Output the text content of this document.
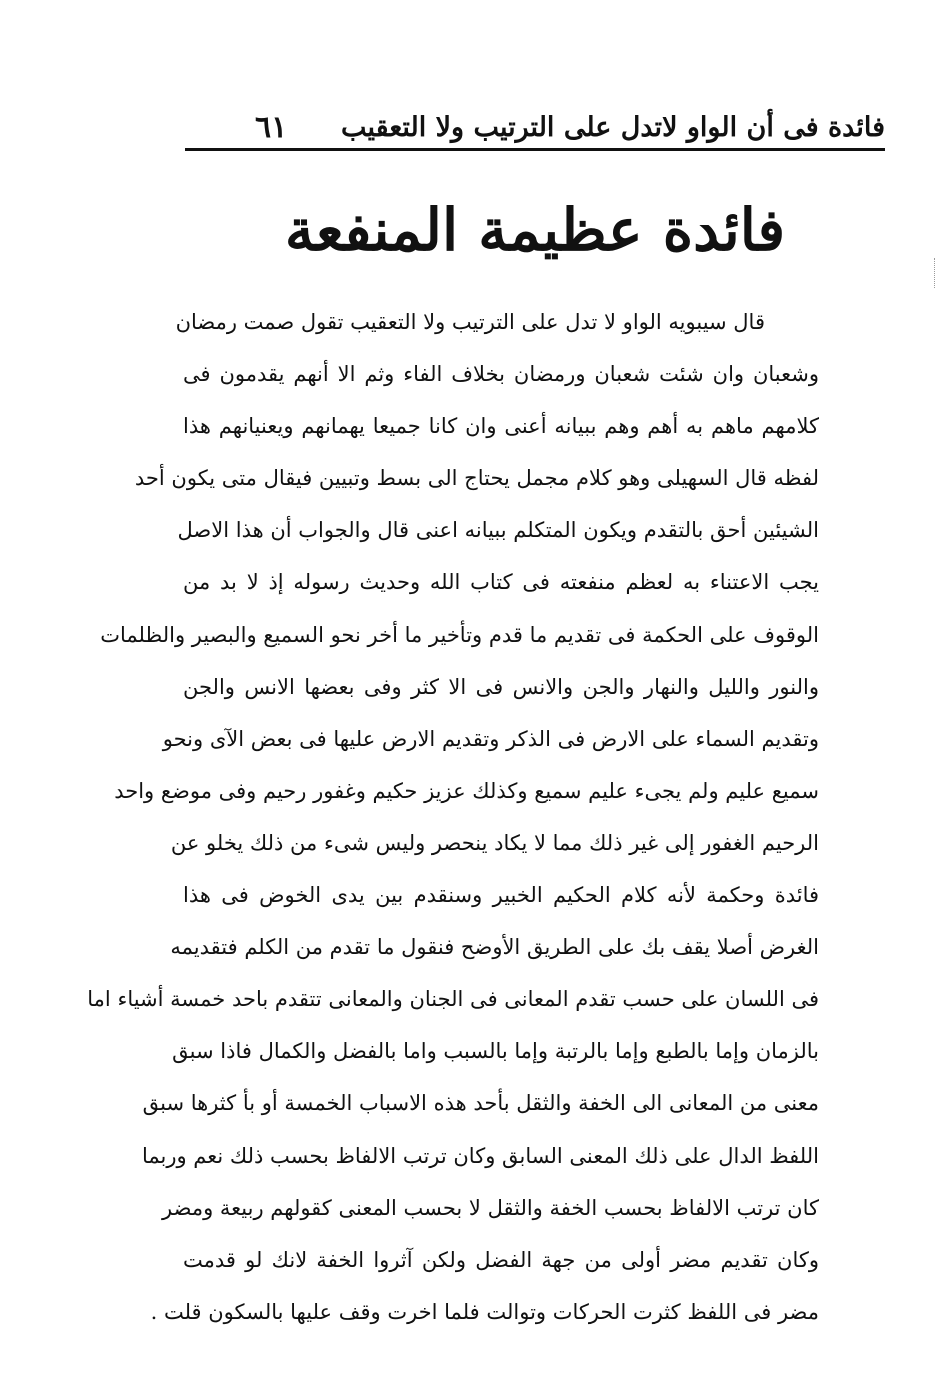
فائدة فى أن الواو لاتدل على الترتيب ولا التعقيب
٦١
فائدة عظيمة المنفعة
قال سيبويه الواو لا تدل على الترتيب ولا التعقيب تقول صمت رمضان
وشعبان وان شئت شعبان ورمضان بخلاف الفاء وثم الا أنهم يقدمون فى
كلامهم ماهم به أهم وهم ببيانه أعنى وان كانا جميعا يهمانهم ويعنيانهم هذا
لفظه قال السهيلى وهو كلام مجمل يحتاج الى بسط وتبيين فيقال متى يكون أحد
الشيئين أحق بالتقدم ويكون المتكلم ببيانه اعنى قال والجواب أن هذا الاصل
يجب الاعتناء به لعظم منفعته فى كتاب الله وحديث رسوله إذ لا بد من
الوقوف على الحكمة فى تقديم ما قدم وتأخير ما أخر نحو السميع والبصير والظلمات
والنور والليل والنهار والجن والانس فى الا كثر وفى بعضها الانس والجن
وتقديم السماء على الارض فى الذكر وتقديم الارض عليها فى بعض الآى ونحو
سميع عليم ولم يجىء عليم سميع وكذلك عزيز حكيم وغفور رحيم وفى موضع واحد
الرحيم الغفور إلى غير ذلك مما لا يكاد ينحصر وليس شىء من ذلك يخلو عن
فائدة وحكمة لأنه كلام الحكيم الخبير وسنقدم بين يدى الخوض فى هذا
الغرض أصلا يقف بك على الطريق الأوضح فنقول ما تقدم من الكلم فتقديمه
فى اللسان على حسب تقدم المعانى فى الجنان والمعانى تتقدم باحد خمسة أشياء اما
بالزمان وإما بالطبع وإما بالرتبة وإما بالسبب واما بالفضل والكمال فاذا سبق
معنى من المعانى الى الخفة والثقل بأحد هذه الاسباب الخمسة أو بأ كثرها سبق
اللفظ الدال على ذلك المعنى السابق وكان ترتب الالفاظ بحسب ذلك نعم وربما
كان ترتب الالفاظ بحسب الخفة والثقل لا بحسب المعنى كقولهم ربيعة ومضر
وكان تقديم مضر أولى من جهة الفضل ولكن آثروا الخفة لانك لو قدمت
مضر فى اللفظ كثرت الحركات وتوالت فلما اخرت وقف عليها بالسكون قلت .
